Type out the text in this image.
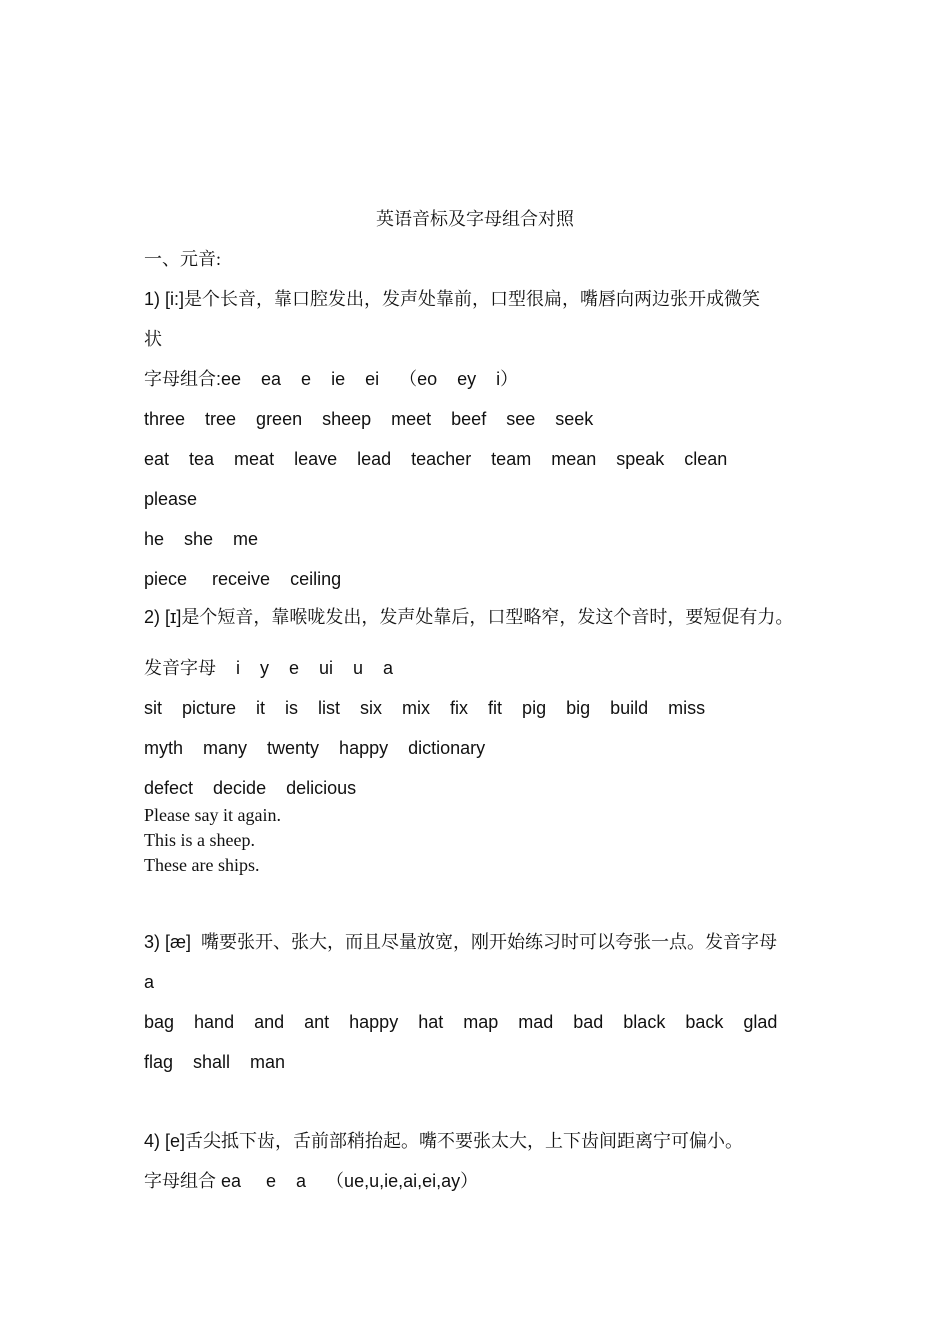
英语音标及字母组合对照
一、元音:
1) [i:]是个长音，靠口腔发出，发声处靠前，口型很扁，嘴唇向两边张开成微笑
状
字母组合:ee    ea    e    ie    ei    （eo    ey    i）
three    tree    green    sheep    meet    beef    see    seek
eat    tea    meat    leave    lead    teacher    team    mean    speak    clean
please
he    she    me
piece     receive    ceiling
2) [ɪ]是个短音，靠喉咙发出，发声处靠后，口型略窄，发这个音时，要短促有力。
发音字母    i    y    e    ui    u    a
sit    picture    it    is    list    six    mix    fix    fit    pig    big    build    miss
myth    many    twenty    happy    dictionary
defect    decide    delicious
Please say it again.
This is a sheep.
These are ships.
3) [æ]  嘴要张开、张大，而且尽量放宽，刚开始练习时可以夸张一点。发音字母
a
bag    hand    and    ant    happy    hat    map    mad    bad    black    back    glad
flag    shall    man
4) [e]舌尖抵下齿，舌前部稍抬起。嘴不要张太大，上下齿间距离宁可偏小。
字母组合 ea     e    a    （ue,u,ie,ai,ei,ay）
